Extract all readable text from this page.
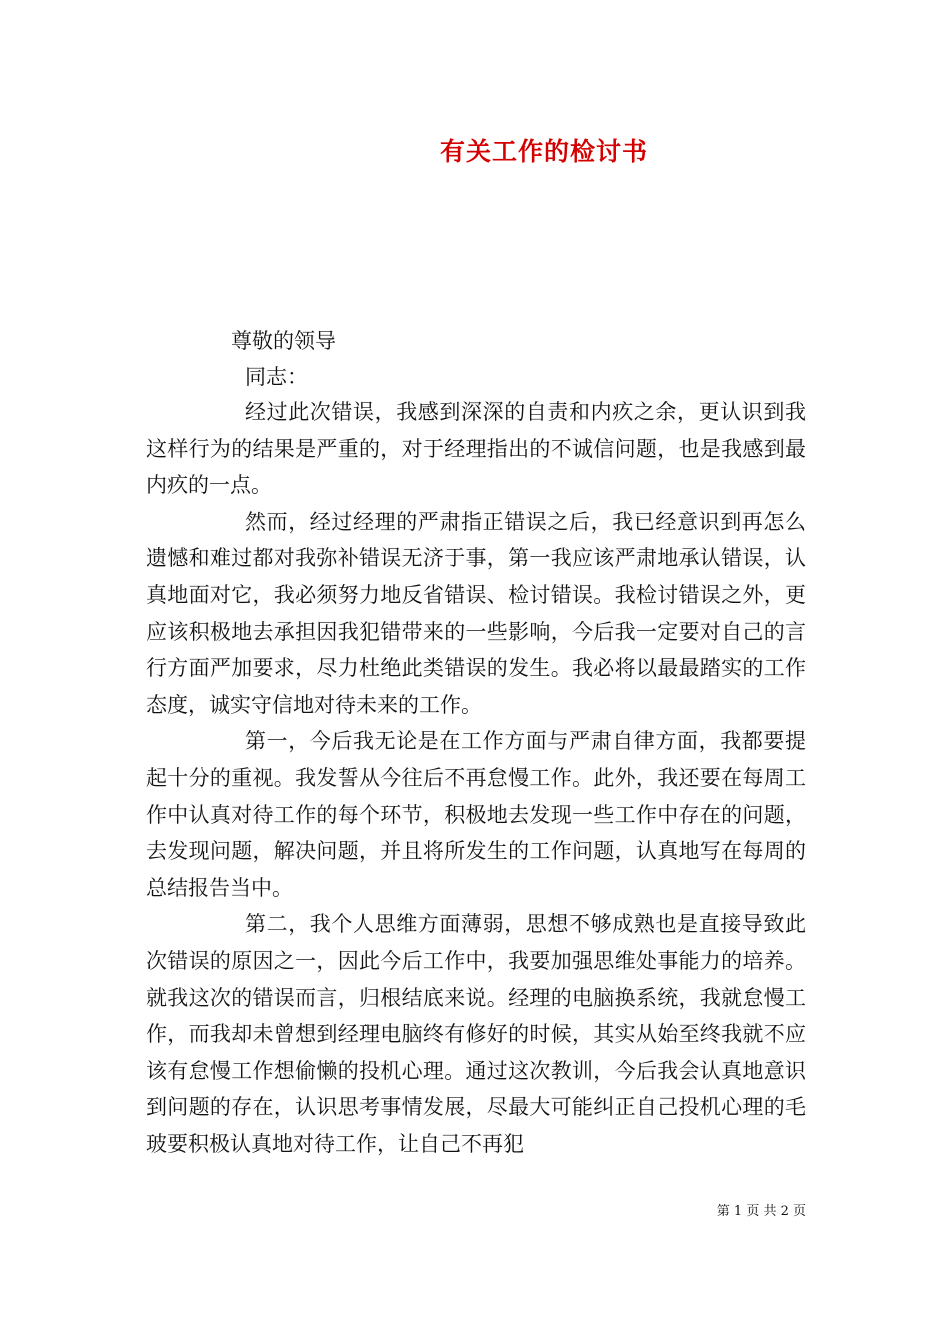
有关工作的检讨书
尊敬的领导
同志：

经过此次错误，我感到深深的自责和内疚之余，更认识到我这样行为的结果是严重的，对于经理指出的不诚信问题，也是我感到最内疚的一点。

然而，经过经理的严肃指正错误之后，我已经意识到再怎么遗憾和难过都对我弥补错误无济于事，第一我应该严肃地承认错误，认真地面对它，我必须努力地反省错误、检讨错误。我检讨错误之外，更应该积极地去承担因我犯错带来的一些影响，今后我一定要对自己的言行方面严加要求，尽力杜绝此类错误的发生。我必将以最最踏实的工作态度，诚实守信地对待未来的工作。

第一，今后我无论是在工作方面与严肃自律方面，我都要提起十分的重视。我发誓从今往后不再怠慢工作。此外，我还要在每周工作中认真对待工作的每个环节，积极地去发现一些工作中存在的问题，去发现问题，解决问题，并且将所发生的工作问题，认真地写在每周的总结报告当中。

第二，我个人思维方面薄弱，思想不够成熟也是直接导致此次错误的原因之一，因此今后工作中，我要加强思维处事能力的培养。就我这次的错误而言，归根结底来说。经理的电脑换系统，我就怠慢工作，而我却未曾想到经理电脑终有修好的时候，其实从始至终我就不应该有怠慢工作想偷懒的投机心理。通过这次教训，今后我会认真地意识到问题的存在，认识思考事情发展，尽最大可能纠正自己投机心理的毛玻要积极认真地对待工作，让自己不再犯

第 1 页 共 2 页
